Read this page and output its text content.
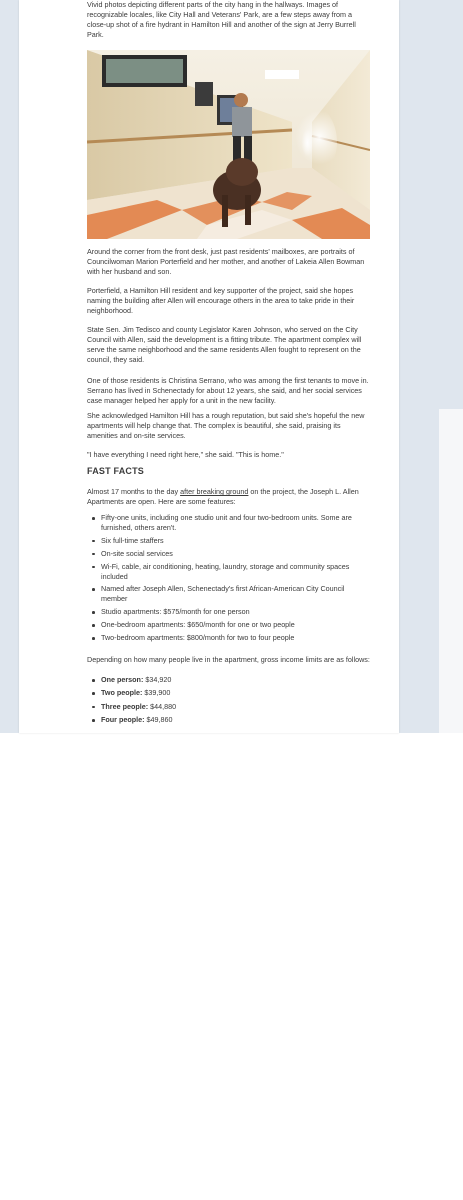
Vivid photos depicting different parts of the city hang in the hallways. Images of recognizable locales, like City Hall and Veterans' Park, are a few steps away from a close-up shot of a fire hydrant in Hamilton Hill and another of the sign at Jerry Burrell Park.

Around the corner from the front desk, just past residents' mailboxes, are portraits of Councilwoman Marion Porterfield and her mother, and another of Lakeia Allen Bowman with her husband and son.

Porterfield, a Hamilton Hill resident and key supporter of the project, said she hopes naming the building after Allen will encourage others in the area to take pride in their neighborhood.

State Sen. Jim Tedisco and county Legislator Karen Johnson, who served on the City Council with Allen, said the development is a fitting tribute. The apartment complex will serve the same neighborhood and the same residents Allen fought to represent on the council, they said.

One of those residents is Christina Serrano, who was among the first tenants to move in. Serrano has lived in Schenectady for about 12 years, she said, and her social services case manager helped her apply for a unit in the new facility.

She acknowledged Hamilton Hill has a rough reputation, but said she's hopeful the new apartments will help change that. The complex is beautiful, she said, praising its amenities and on-site services.

"I have everything I need right here," she said. "This is home."

FAST FACTS

Almost 17 months to the day after breaking ground on the project, the Joseph L. Allen Apartments are open. Here are some features:

Fifty-one units, including one studio unit and four two-bedroom units. Some are furnished, others aren't.
Six full-time staffers
On-site social services
Wi-Fi, cable, air conditioning, heating, laundry, storage and community spaces included
Named after Joseph Allen, Schenectady's first African-American City Council member
Studio apartments: $575/month for one person
One-bedroom apartments: $650/month for one or two people
Two-bedroom apartments: $800/month for two to four people

Depending on how many people live in the apartment, gross income limits are as follows:

One person: $34,920
Two people: $39,900
Three people: $44,880
Four people: $49,860
